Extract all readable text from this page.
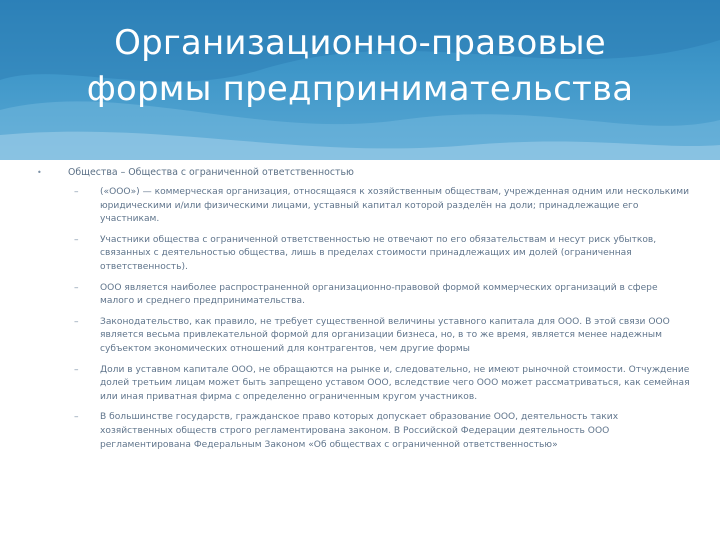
Организационно-правовые
формы предпринимательства
•	Общества – Общества с ограниченной ответственностью
– («ООО») — коммерческая организация, относящаяся к хозяйственным обществам, учрежденная одним или несколькими юридическими и/или физическими лицами, уставный капитал которой разделён на доли; принадлежащие его участникам.
– Участники общества с ограниченной ответственностью не отвечают по его обязательствам и несут риск убытков, связанных с деятельностью общества, лишь в пределах стоимости принадлежащих им долей (ограниченная ответственность).
– ООО является наиболее распространенной организационно-правовой формой коммерческих организаций в сфере малого и среднего предпринимательства.
– Законодательство, как правило, не требует существенной величины уставного капитала для ООО. В этой связи ООО является весьма привлекательной формой для организации бизнеса, но, в то же время, является менее надежным субъектом экономических отношений для контрагентов, чем другие формы
– Доли в уставном капитале ООО, не обращаются на рынке и, следовательно, не имеют рыночной стоимости. Отчуждение долей третьим лицам может быть запрещено уставом ООО, вследствие чего ООО может рассматриваться, как семейная или иная приватная фирма с определенно ограниченным кругом участников.
– В большинстве государств, гражданское право которых допускает образование ООО, деятельность таких хозяйственных обществ строго регламентирована законом. В Российской Федерации деятельность ООО регламентирована Федеральным Законом «Об обществах с ограниченной ответственностью»
